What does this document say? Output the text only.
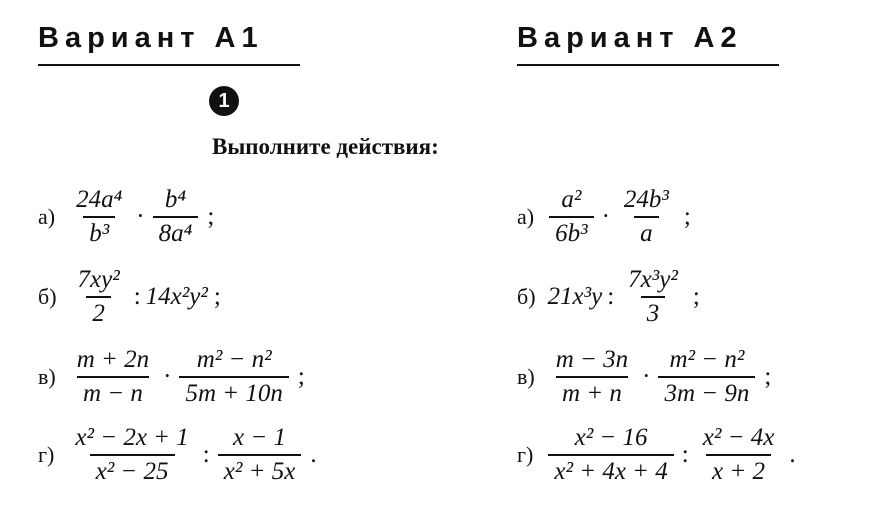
Вариант А1	Вариант А2
1
Выполните действия:
$а) \frac{\text{24a⁴}}{\text{b³}} \cdot \frac{\text{b⁴}}{\text{8a⁴}}$ ;
$б) \frac{\text{7xy²}}{2}$ : 14x²y² ;
$в) \frac{m + 2n}{m - n} \cdot \frac{\text{m² − n²}}{5m + 10n}$ ;
$г) \frac{\text{x² − 2x + 1}}{\text{x² − 25}}$ : $\frac{x - 1}{\text{x² + 5x}}$ .
$а) \frac{\text{a²}}{\text{6b³}} \cdot \frac{\text{24b³}}{a}$ ;
б) 21x³y : $\frac{\text{7x³y²}}{3}$ ;
$в) \frac{m - 3n}{m + n} \cdot \frac{\text{m² − n²}}{3m - 9n}$ ;
$г) \frac{\text{x² − 16}}{\text{x² + 4x + 4}}$ : $\frac{\text{x² − 4x}}{x + 2}$ .
